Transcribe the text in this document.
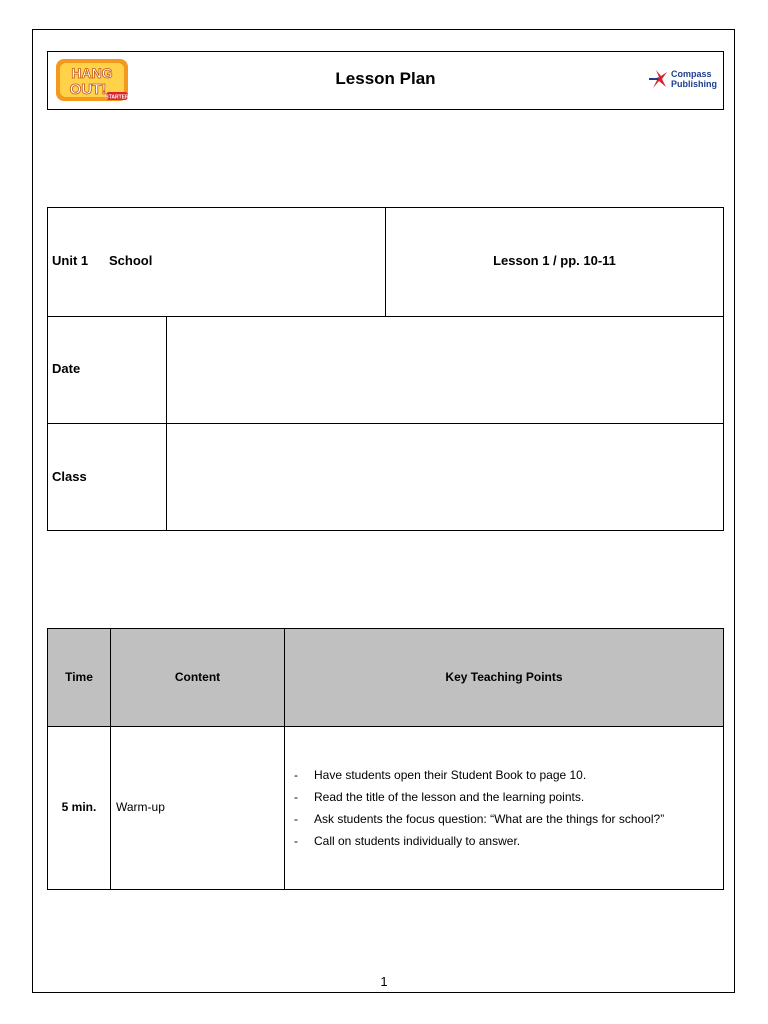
HANG
OUT! STARTER
Lesson Plan	Compass
Publishing
Unit 1 School	Lesson 1 / pp. 10-11
Date
Class
Time	Content	Key Teaching Points
5 min.	Warm-up
- Have students open their Student Book to page 10.
- Read the title of the lesson and the learning points.
- Ask students the focus question: “What are the things for school?”
- Call on students individually to answer.
1
